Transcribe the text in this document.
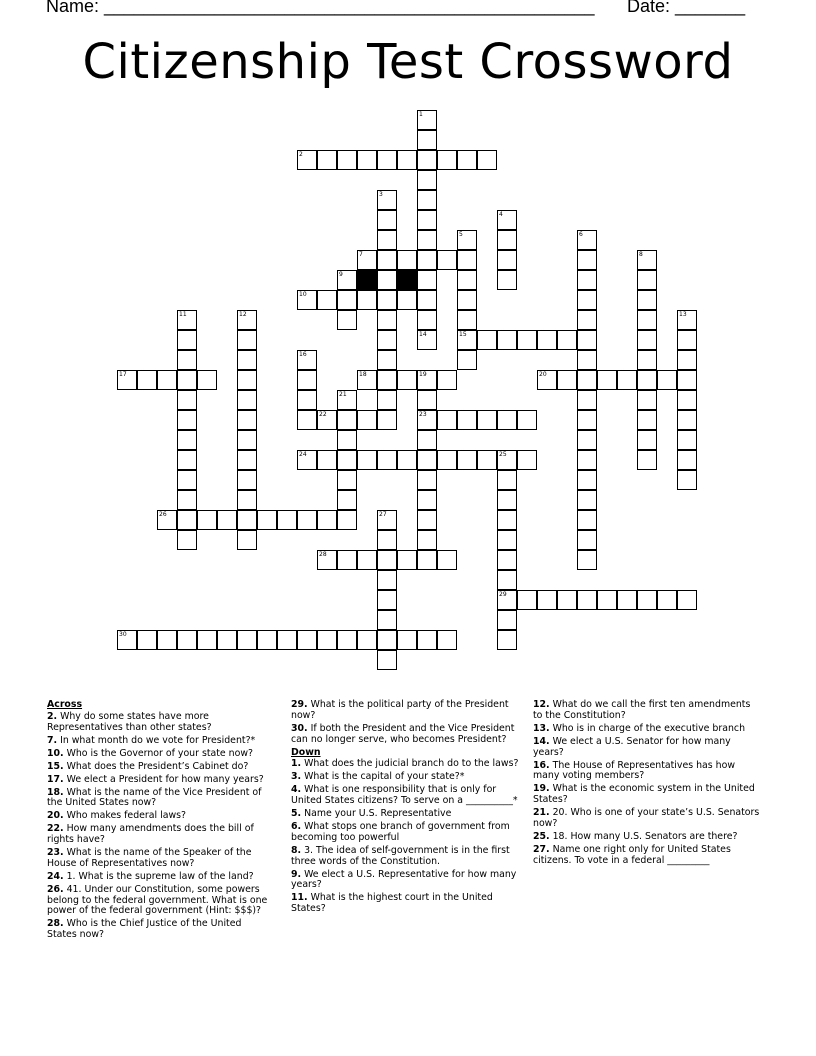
Name: _________________________________________________ Date: _______
Citizenship Test Crossword
1
2
3
4
5	6
7	8
9
10
11	12	13
14	15
16
17	18	19	20
21
22	23
24	25
26	27
28
29
30
Across
2. Why do some states have more Representatives than other states?
7. In what month do we vote for President?*
10. Who is the Governor of your state now?
15. What does the President’s Cabinet do?
17. We elect a President for how many years?
18. What is the name of the Vice President of the United States now?
20. Who makes federal laws?
22. How many amendments does the bill of rights have?
23. What is the name of the Speaker of the House of Representatives now?
24. 1. What is the supreme law of the land?
26. 41. Under our Constitution, some powers belong to the federal government. What is one power of the federal government (Hint: $$$)?
28. Who is the Chief Justice of the United States now?
29. What is the political party of the President now?
30. If both the President and the Vice President can no longer serve, who becomes President?
Down
1. What does the judicial branch do to the laws?
3. What is the capital of your state?*
4. What is one responsibility that is only for United States citizens? To serve on a __________*
5. Name your U.S. Representative
6. What stops one branch of government from becoming too powerful
8. 3. The idea of self-government is in the first three words of the Constitution.
9. We elect a U.S. Representative for how many years?
11. What is the highest court in the United States?
12. What do we call the first ten amendments to the Constitution?
13. Who is in charge of the executive branch
14. We elect a U.S. Senator for how many years?
16. The House of Representatives has how many voting members?
19. What is the economic system in the United States?
21. 20. Who is one of your state’s U.S. Senators now?
25. 18. How many U.S. Senators are there?
27. Name one right only for United States citizens. To vote in a federal _________
